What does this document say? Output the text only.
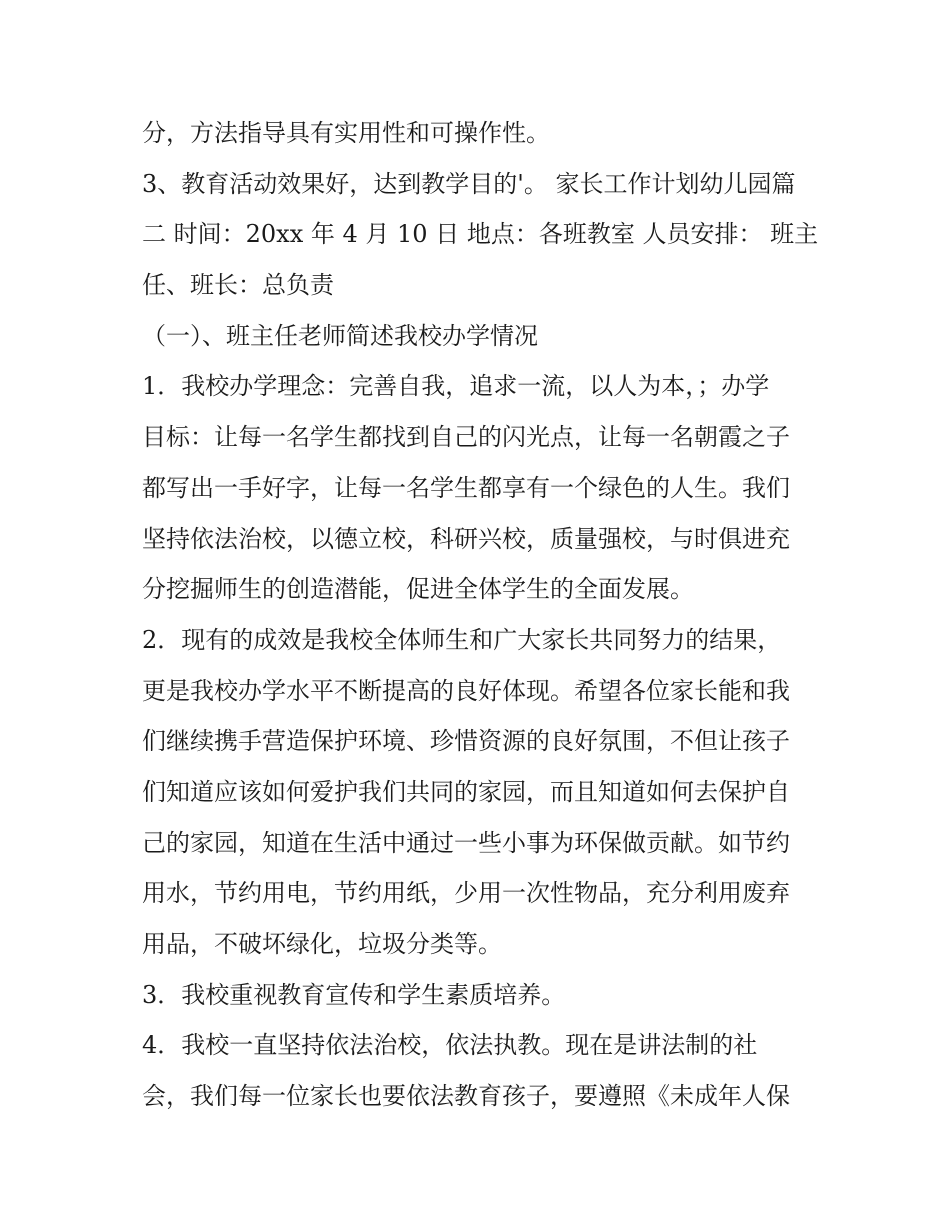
分，方法指导具有实用性和可操作性。
3、教育活动效果好，达到教学目的'。 家长工作计划幼儿园篇
二 时间：20xx 年 4 月 10 日 地点：各班教室 人员安排： 班主
任、班长：总负责
（一）、班主任老师简述我校办学情况
1．我校办学理念：完善自我，追求一流，以人为本，；办学
目标：让每一名学生都找到自己的闪光点，让每一名朝霞之子
都写出一手好字，让每一名学生都享有一个绿色的人生。我们
坚持依法治校，以德立校，科研兴校，质量强校，与时俱进充
分挖掘师生的创造潜能，促进全体学生的全面发展。
2．现有的成效是我校全体师生和广大家长共同努力的结果，
更是我校办学水平不断提高的良好体现。希望各位家长能和我
们继续携手营造保护环境、珍惜资源的良好氛围，不但让孩子
们知道应该如何爱护我们共同的家园，而且知道如何去保护自
己的家园，知道在生活中通过一些小事为环保做贡献。如节约
用水，节约用电，节约用纸，少用一次性物品，充分利用废弃
用品，不破坏绿化，垃圾分类等。
3．我校重视教育宣传和学生素质培养。
4．我校一直坚持依法治校，依法执教。现在是讲法制的社
会，我们每一位家长也要依法教育孩子，要遵照《未成年人保
